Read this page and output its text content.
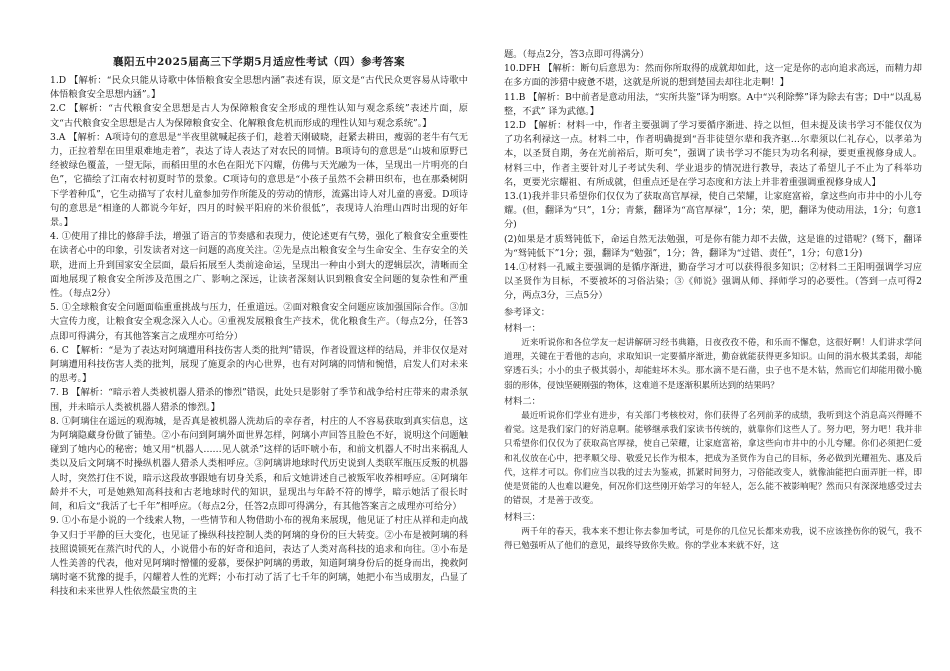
襄阳五中2025届高三下学期5月适应性考试（四）参考答案

1.D 【解析：“民众只能从诗歌中体悟粮食安全思想内涵”表述有误，原文是“古代民众更容易从诗歌中体悟粮食安全思想内涵”。】

2.C 【解析：“古代粮食安全思想是古人为保障粮食安全形成的理性认知与观念系统”表述片面，原文“古代粮食安全思想是古人为保障粮食安全、化解粮食危机而形成的理性认知与观念系统”。】

3.A 【解析：A项诗句的意思是“半夜里就喊起孩子们，趁着天刚破晓，赶紧去耕田，瘦弱的老牛有气无力，正拉着犁在田里艰难地走着”，表达了诗人表达了对农民的同情。B项诗句的意思是“山坡和原野已经被绿色覆盖，一望无际，而稻田里的水色在阳光下闪耀，仿佛与天光融为一体，呈现出一片明亮的白色”，它描绘了江南农村初夏时节的景象。C项诗句的意思是“小孩子虽然不会耕田织布，也在那桑树阴下学着种瓜”，它生动描写了农村儿童参加劳作所能及的劳动的情形，流露出诗人对儿童的喜爱。D项诗句的意思是“相逢的人都说今年好，四月的时候平阳府的米价很低”，表现诗人治理山西时出现的好年景。】

4. ①使用了排比的修辞手法，增强了语言的节奏感和表现力，使论述更有气势，强化了粮食安全重要性在读者心中的印象，引发读者对这一问题的高度关注。②先是点出粮食安全与生命安全、生存安全的关联，进而上升到国家安全层面，最后拓展至人类前途命运，呈现出一种由小到大的逻辑层次，清晰而全面地展现了粮食安全所涉及范围之广、影响之深远，让读者深刻认识到粮食安全问题的复杂性和严重性。（每点2分）

5. ①全球粮食安全问题面临重重挑战与压力，任重道远。②面对粮食安全问题应该加强国际合作。③加大宣传力度，让粮食安全观念深入人心。④重视发展粮食生产技术，优化粮食生产。（每点2分，任答3点即可得满分，有其他答案言之成理亦可给分）

6. C 【解析：“是为了表达对阿璃遭用科技伤害人类的批判”错误，作者设置这样的结局，并非仅仅是对阿璃遭用科技伤害人类的批判，展现了施夏余的内心世界，也有对阿璃的同情和惋惜，启发人们对未来的思考。】

7. B 【解析：“暗示着人类被机器人猎杀的惨烈”错误，此处只是影射了季节和战争给村庄带来的肃杀氛围，并未暗示人类被机器人猎杀的惨烈。】

8. ①阿璃住在遥远的观海城，是否真是被机器人洗劫后的幸存者，村庄的人不容易获取到真实信息，这为阿璃隐藏身份做了铺垫。②小布问到阿璃外面世界怎样，阿璃小声回答且脸色不好，说明这个问题触碰到了她内心的秘密；她又用“机器人……见人就杀”这样的话吓唬小布，和前文机器人不时出来祸乱人类以及后文阿璃不时操纵机器人猎杀人类相呼应。③阿璃讲地球时代历史说到人类联军瓶压反叛的机器人时，突然打住不说，暗示这段故事跟她有切身关系，和后文她讲述自己被叛军收养相呼应。④阿璃年龄并不大，可是她熟知高科技和古老地球时代的知识，显现出与年龄不符的博学，暗示她活了很长时间，和后文“我活了七千年”相呼应。（每点2分，任答2点即可得满分，有其他答案言之成理亦可给分）

9. ①小布是小说的一个线索人物，一些情节和人物借助小布的视角来展现，他见证了村庄从祥和走向战争又归于平静的巨大变化，也见证了操纵科技控制人类的阿璃的身份的巨大转变。②小布是被阿璃的科技照谟锁死在蒸汽时代的人，小说借小布的好奇和追问，表达了人类对高科技的追求和向往。③小布是人性美善的代表，他对见阿璃时憎懂的爱慕，要保护阿璃的勇敢，知道阿璃身份后的挺身而出，挽救阿璃时毫不犹豫的提手，闪耀着人性的光辉；小布打动了活了七千年的阿璃，她把小布当成朋友，凸显了科技和未来世界人性依然最宝贵的主

题。（每点2分，答3点即可得满分）

10.DFH 【解析：断句后意思为：然而你所取得的成就却如此，这一定是你的志向追求高远，而精力却在多方面的涉猎中疲惫不堪，这就是所说的想到楚国去却往北走啊！】

11.B 【解析：B中前者是意动用法，“实所共鉴”译为明察。A中“兴利除弊”译为除去有害；D中“以乱易整，不武” 译为武德。】

12.D 【解析：材料一中，作者主要强调了学习要循序渐进、持之以恒，但未提及读书学习不能仅仅为了功名利禄这一点。材料二中，作者明确提到“吾非徒望尔辈和我齐驱…尔辈须以仁礼存心，以孝弟为本，以圣贤自期，务在光前裕后，斯可矣”，强调了读书学习不能只为功名利禄，要更重视修身成人。材料三中，作者主要针对儿子考试失利、学业退步的情况进行教导，表达了希望儿子不止为了科举功名，更要光宗耀祖、有所成就，但重点还是在学习态度和方法上并非着重强调重视修身成人】

13.(1)我并非只希望你们仅仅为了获取高官厚禄，使自己荣耀，让家庭富裕，拿这些向市井中的小儿夸耀。(但，翻译为“只”，1分；青紫，翻译为“高官厚禄”，1分；荣，肥，翻译为使动用法，1分；句意1分)

(2)如果是才质驽钝低下，命运自然无法勉强，可是你有能力却不去做，这是谁的过错呢？(驽下，翻译为“驽钝低下”1分；强，翻译为“勉强”，1分；咎，翻译为“过错、责任”，1分；句意1分)

14.①材料一孔臧主要强调的是循序渐进，勤奋学习才可以获得很多知识；②材料二王阳明强调学习应以圣贤作为目标，不要被坏的习俗沾染；③《师说》强调从师、择师学习的必要性。（答到一点可得2分，两点3分，三点5分）

参考译文：

材料一：

近来听说你和各位学友一起讲解研习经书典籍，日夜孜孜不倦，和乐而不懈怠，这很好啊！人们讲求学问道理，关键在于看他的志向，求取知识一定要循序渐进，勤奋就能获得更多知识。山间的涓水极其柔弱，却能穿透石头；小小的虫子极其弱小，却能蛀坏木头。那水滴不是石凿，虫子也不是木钻，然而它们却能用微小脆弱的形体，侵蚀坚硬刚强的物体，这难道不是逐渐积累所达到的结果吗？

材料二：

最近听说你们学业有进步，有关部门考核校对，你们获得了名列前茅的成绩，我听到这个消息高兴得睡不着觉。这是我们家门的好消息啊。能够继承我们家读书传统的，就靠你们这些人了。努力吧，努力吧！我并非只希望你们仅仅为了获取高官厚禄，使自己荣耀，让家庭富裕，拿这些向市井中的小儿夸耀。你们必须把仁爱和礼仪放在心中，把孝顺父母、敬爱兄长作为根本，把成为圣贤作为自己的目标，务必做到光耀祖先、惠及后代，这样才可以。你们应当以我的过去为鉴戒，抓紧时间努力，习俗能改变人，就像油能把白面弄脏一样，即使是贤能的人也难以避免，何况你们这些刚开始学习的年轻人，怎么能不被影响呢？然而只有深深地感受过去的错误，才是善于改变。

材料三：

两千年的春天，我本来不想让你去参加考试，可是你的几位兄长都来劝我，说不应该挫伤你的锐气，我不得已勉强听从了他们的意见，最终导致你失败。你的学业本来就不好，这
